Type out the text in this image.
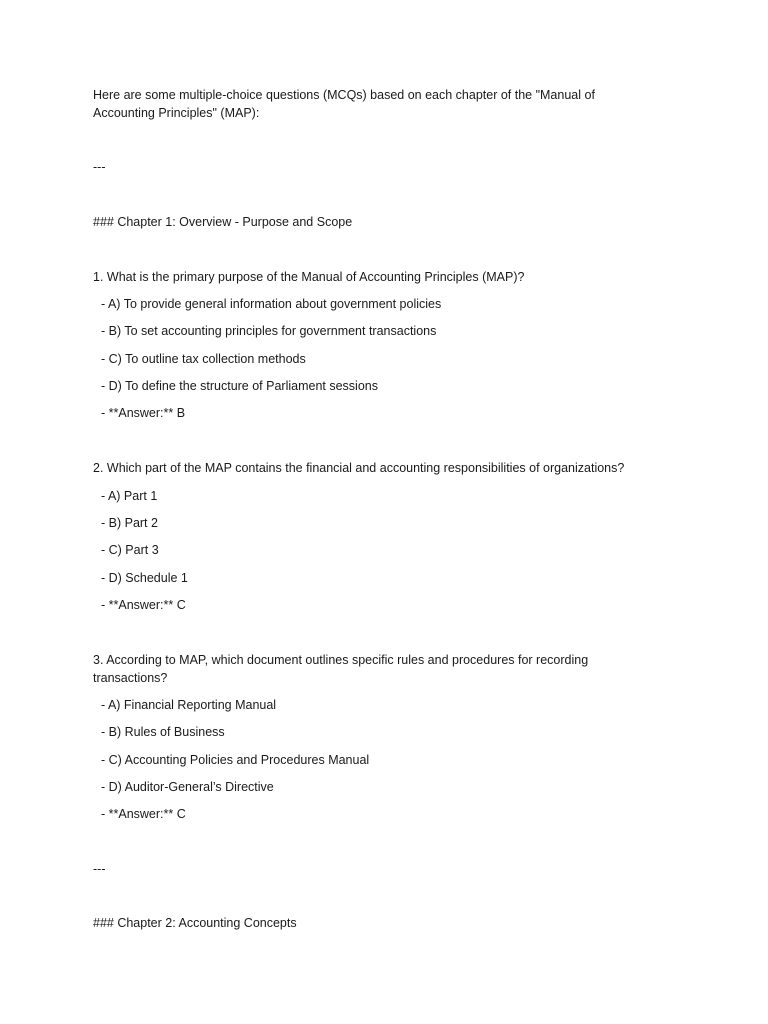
Here are some multiple-choice questions (MCQs) based on each chapter of the "Manual of
Accounting Principles" (MAP):
---
### Chapter 1: Overview - Purpose and Scope
1. What is the primary purpose of the Manual of Accounting Principles (MAP)?
- A) To provide general information about government policies
- B) To set accounting principles for government transactions
- C) To outline tax collection methods
- D) To define the structure of Parliament sessions
- **Answer:** B
2. Which part of the MAP contains the financial and accounting responsibilities of organizations?
- A) Part 1
- B) Part 2
- C) Part 3
- D) Schedule 1
- **Answer:** C
3. According to MAP, which document outlines specific rules and procedures for recording
transactions?
- A) Financial Reporting Manual
- B) Rules of Business
- C) Accounting Policies and Procedures Manual
- D) Auditor-General’s Directive
- **Answer:** C
---
### Chapter 2: Accounting Concepts
